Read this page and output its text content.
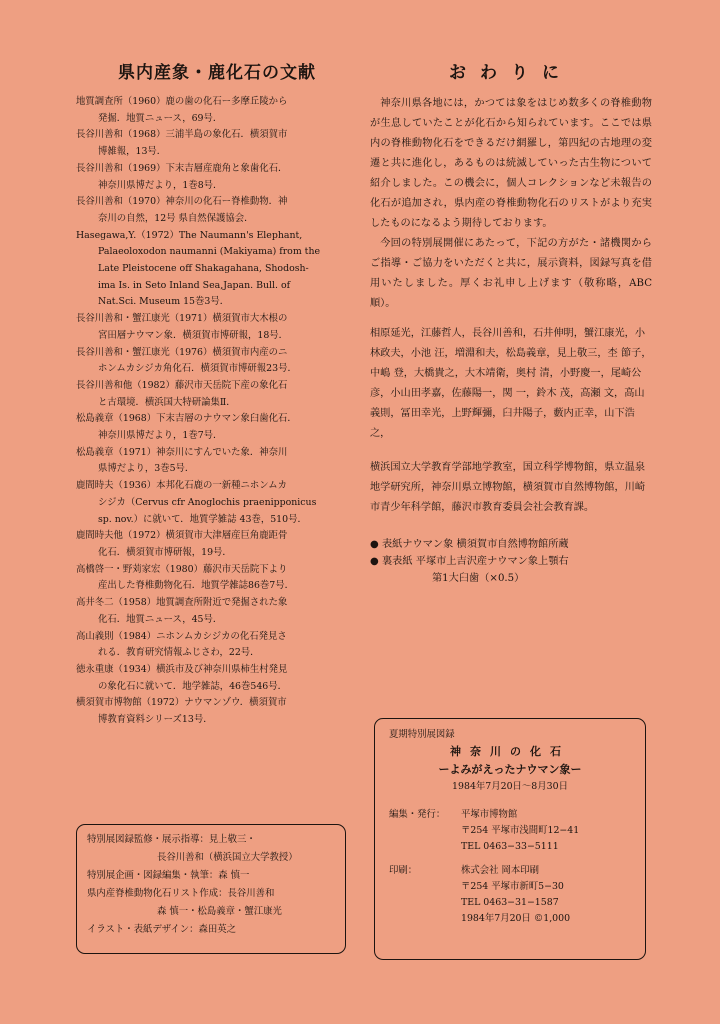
県内産象・鹿化石の文献

地質調査所（1960）鹿の歯の化石ー多摩丘陵から
発掘．地質ニュース，69号．

長谷川善和（1968）三浦半島の象化石．横須賀市
博雑報，13号．

長谷川善和（1969）下末吉層産鹿角と象歯化石．
神奈川県博だより，1巻8号．

長谷川善和（1970）神奈川の化石ー脊椎動物．神
奈川の自然，12号 県自然保護協会．

Hasegawa,Y.（1972）The Naumann's Elephant,
Palaeoloxodon naumanni (Makiyama) from the
Late Pleistocene off Shakagahana, Shodosh-
ima Is. in Seto Inland Sea,Japan. Bull. of
Nat.Sci. Museum 15巻3号．

長谷川善和・蟹江康光（1971）横須賀市大木根の
宮田層ナウマン象．横須賀市博研報，18号．

長谷川善和・蟹江康光（1976）横須賀市内産のニ
ホンムカシジカ角化石．横須賀市博研報23号．

長谷川善和他（1982）藤沢市天岳院下産の象化石
と古環境．横浜国大特研論集Ⅱ．

松島義章（1968）下末吉層のナウマン象臼歯化石．
神奈川県博だより，1巻7号．

松島義章（1971）神奈川にすんでいた象．神奈川
県博だより，3巻5号．

鹿間時夫（1936）本邦化石鹿の一新種ニホンムカ
シジカ（Cervus cfr Anoglochis praenipponicus
sp. nov.）に就いて．地質学雑誌 43巻，510号．

鹿間時夫他（1972）横須賀市大津層産巨角鹿距骨
化石．横須賀市博研報，19号．

高橋啓一・野苅家宏（1980）藤沢市天岳院下より
産出した脊椎動物化石．地質学雑誌86巻7号．

高井冬二（1958）地質調査所附近で発掘された象
化石．地質ニュース，45号．

高山義則（1984）ニホンムカシジカの化石発見さ
れる．教育研究情報ふじさわ，22号．

徳永重康（1934）横浜市及び神奈川県柿生村発見
の象化石に就いて．地学雑誌，46巻546号．

横須賀市博物館（1972）ナウマンゾウ．横須賀市
博教育資料シリーズ13号．

特別展図録監修・展示指導：見上敬三・
長谷川善和（横浜国立大学教授）
特別展企画・図録編集・執筆：森 慎一
県内産脊椎動物化石リスト作成：長谷川善和
森 慎一・松島義章・蟹江康光
イラスト・表紙デザイン：森田英之
おわりに

神奈川県各地には，かつては象をはじめ数多くの脊椎動物が生息していたことが化石から知られています。ここでは県内の脊椎動物化石をできるだけ網羅し，第四紀の古地理の変遷と共に進化し，あるものは続滅していった古生物について紹介しました。この機会に，個人コレクションなど未報告の化石が追加され，県内産の脊椎動物化石のリストがより充実したものになるよう期待しております。

今回の特別展開催にあたって，下記の方がた・諸機関からご指導・ご協力をいただくと共に，展示資料，図録写真を借用いたしました。厚くお礼申し上げます（敬称略，ABC順）。

相原延光，江藤哲人，長谷川善和，石井伸明，蟹江康光，小林政夫，小池 汪，増淵和夫，松島義章，見上敬三，杢 節子，中嶋 登，大橋貴之，大木靖衛，奥村 清，小野慶一，尾崎公彦，小山田孝嘉，佐藤陽一，関 一，鈴木 茂，高瀬 文，高山義則，冨田幸光，上野輝彌，臼井陽子，藪内正幸，山下浩之，

横浜国立大学教育学部地学教室，国立科学博物館，県立温泉地学研究所，神奈川県立博物館，横須賀市自然博物館，川崎市青少年科学館，藤沢市教育委員会社会教育課。

● 表紙ナウマン象 横須賀市自然博物館所蔵
● 裏表紙 平塚市上吉沢産ナウマン象上顎右
第1大臼歯（×0.5）
夏期特別展図録
神奈川の化石
ーよみがえったナウマン象ー
1984年7月20日～8月30日
編集・発行：	平塚市博物館
〒254 平塚市浅間町12−41
TEL 0463−33−5111
印刷：	株式会社 岡本印刷
〒254 平塚市新町5−30
TEL 0463−31−1587
1984年7月20日 ©1,000
